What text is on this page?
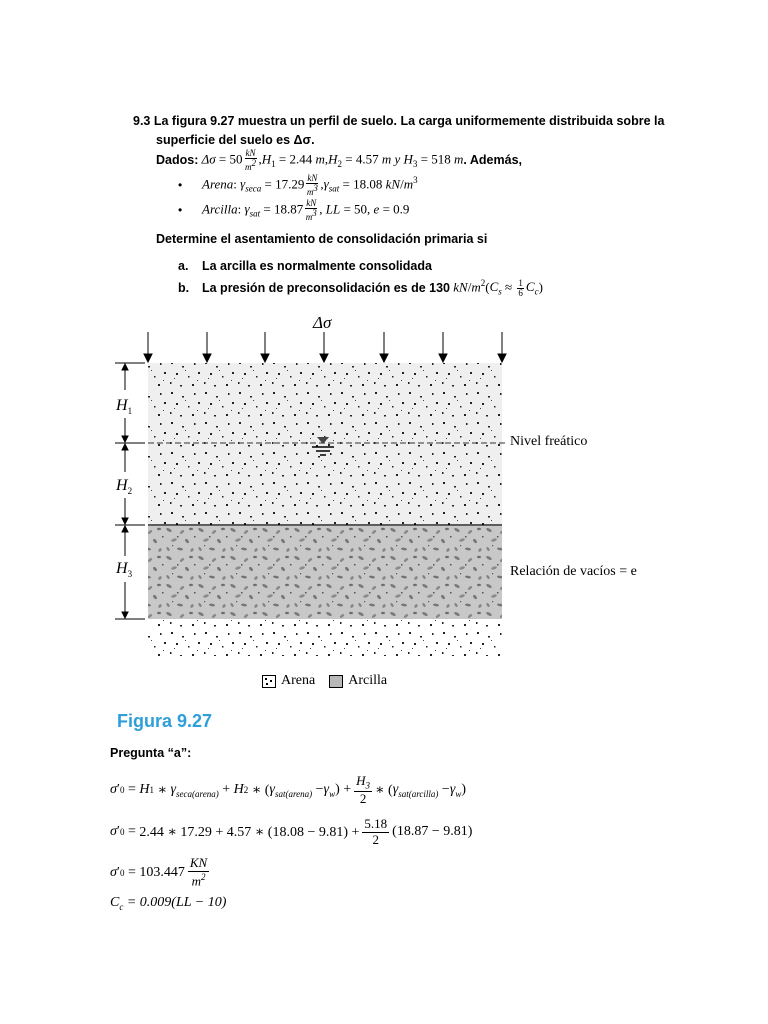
9.3 La figura 9.27 muestra un perfil de suelo. La carga uniformemente distribuida sobre la
superficie del suelo es Δσ.
Dados: $\Delta\sigma = 50 \frac{kN}{m^2} ,H_1 = 2.44$ $m,H_2 = 4.57$ m y $H_3 = 518$ m . Además,
•	Arena: $\gamma_{seca} = 17.29 \frac{kN}{m^3} ,\gamma_{sat} = 18.08$ $kN/m^3$
•	Arcilla: $\gamma_{sat} = 18.87 \frac{kN}{m^3}$ , LL = 50, e = 0.9
Determine el asentamiento de consolidación primaria si
a. La arcilla es normalmente consolidada
b.	La presión de preconsolidación es de 130 $kN/m^2(C_s \approx \frac{1}{6} C_c)$
Δσ
$H_1$
$H_2$
$H_3$
Nivel freático
Relación de vacíos = e
Arena Arcilla
Figura 9.27
Pregunta “a”:
σ ′ 0 = H 1 ∗ $\gamma_{seca(arena)} + H$ 2 ∗ ( $\gamma_{sat(arena)} - \gamma_w$ ) +
$H_3$
2
∗ ( $\gamma_{sat(arcilla)} - \gamma_w$ )
σ ′ 0 = 2.44 ∗ 17.29 + 4.57 ∗ $(18.08 - 9.81) + \frac{5.18}{2} (18.87 - 9.81)$
σ ′ 0
= 103.447
KN
$m^2$
$C_c$
= 0.009(LL − 10)
